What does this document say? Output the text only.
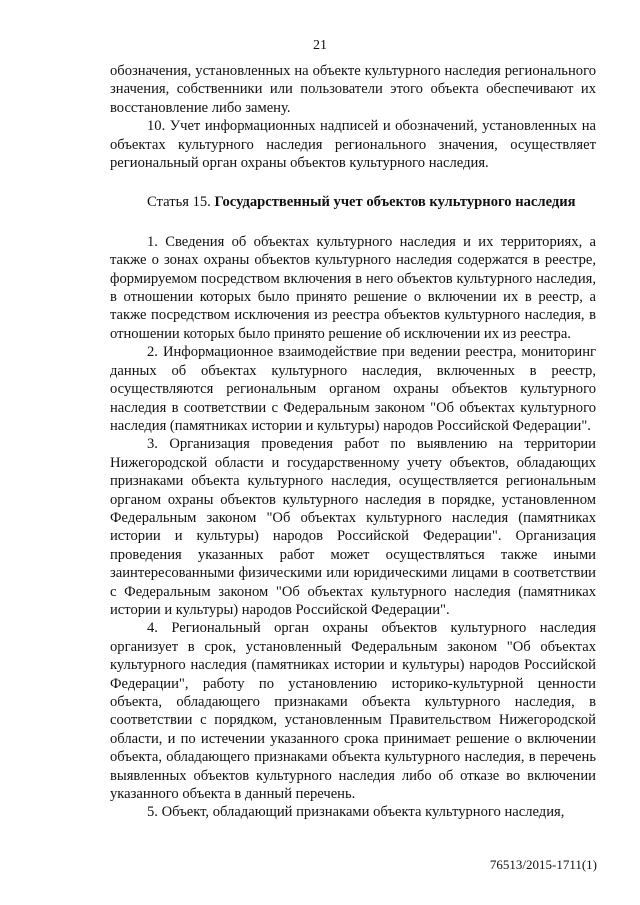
21

обозначения, установленных на объекте культурного наследия регионального значения, собственники или пользователи этого объекта обеспечивают их восстановление либо замену.

10. Учет информационных надписей и обозначений, установленных на объектах культурного наследия регионального значения, осуществляет региональный орган охраны объектов культурного наследия.

Статья 15. Государственный учет объектов культурного наследия

1. Сведения об объектах культурного наследия и их территориях, а также о зонах охраны объектов культурного наследия содержатся в реестре, формируемом посредством включения в него объектов культурного наследия, в отношении которых было принято решение о включении их в реестр, а также посредством исключения из реестра объектов культурного наследия, в отношении которых было принято решение об исключении их из реестра.

2. Информационное взаимодействие при ведении реестра, мониторинг данных об объектах культурного наследия, включенных в реестр, осуществляются региональным органом охраны объектов культурного наследия в соответствии с Федеральным законом "Об объектах культурного наследия (памятниках истории и культуры) народов Российской Федерации".

3. Организация проведения работ по выявлению на территории Нижегородской области и государственному учету объектов, обладающих признаками объекта культурного наследия, осуществляется региональным органом охраны объектов культурного наследия в порядке, установленном Федеральным законом "Об объектах культурного наследия (памятниках истории и культуры) народов Российской Федерации". Организация проведения указанных работ может осуществляться также иными заинтересованными физическими или юридическими лицами в соответствии с Федеральным законом "Об объектах культурного наследия (памятниках истории и культуры) народов Российской Федерации".

4. Региональный орган охраны объектов культурного наследия организует в срок, установленный Федеральным законом "Об объектах культурного наследия (памятниках истории и культуры) народов Российской Федерации", работу по установлению историко-культурной ценности объекта, обладающего признаками объекта культурного наследия, в соответствии с порядком, установленным Правительством Нижегородской области, и по истечении указанного срока принимает решение о включении объекта, обладающего признаками объекта культурного наследия, в перечень выявленных объектов культурного наследия либо об отказе во включении указанного объекта в данный перечень.

5. Объект, обладающий признаками объекта культурного наследия,

76513/2015-1711(1)
